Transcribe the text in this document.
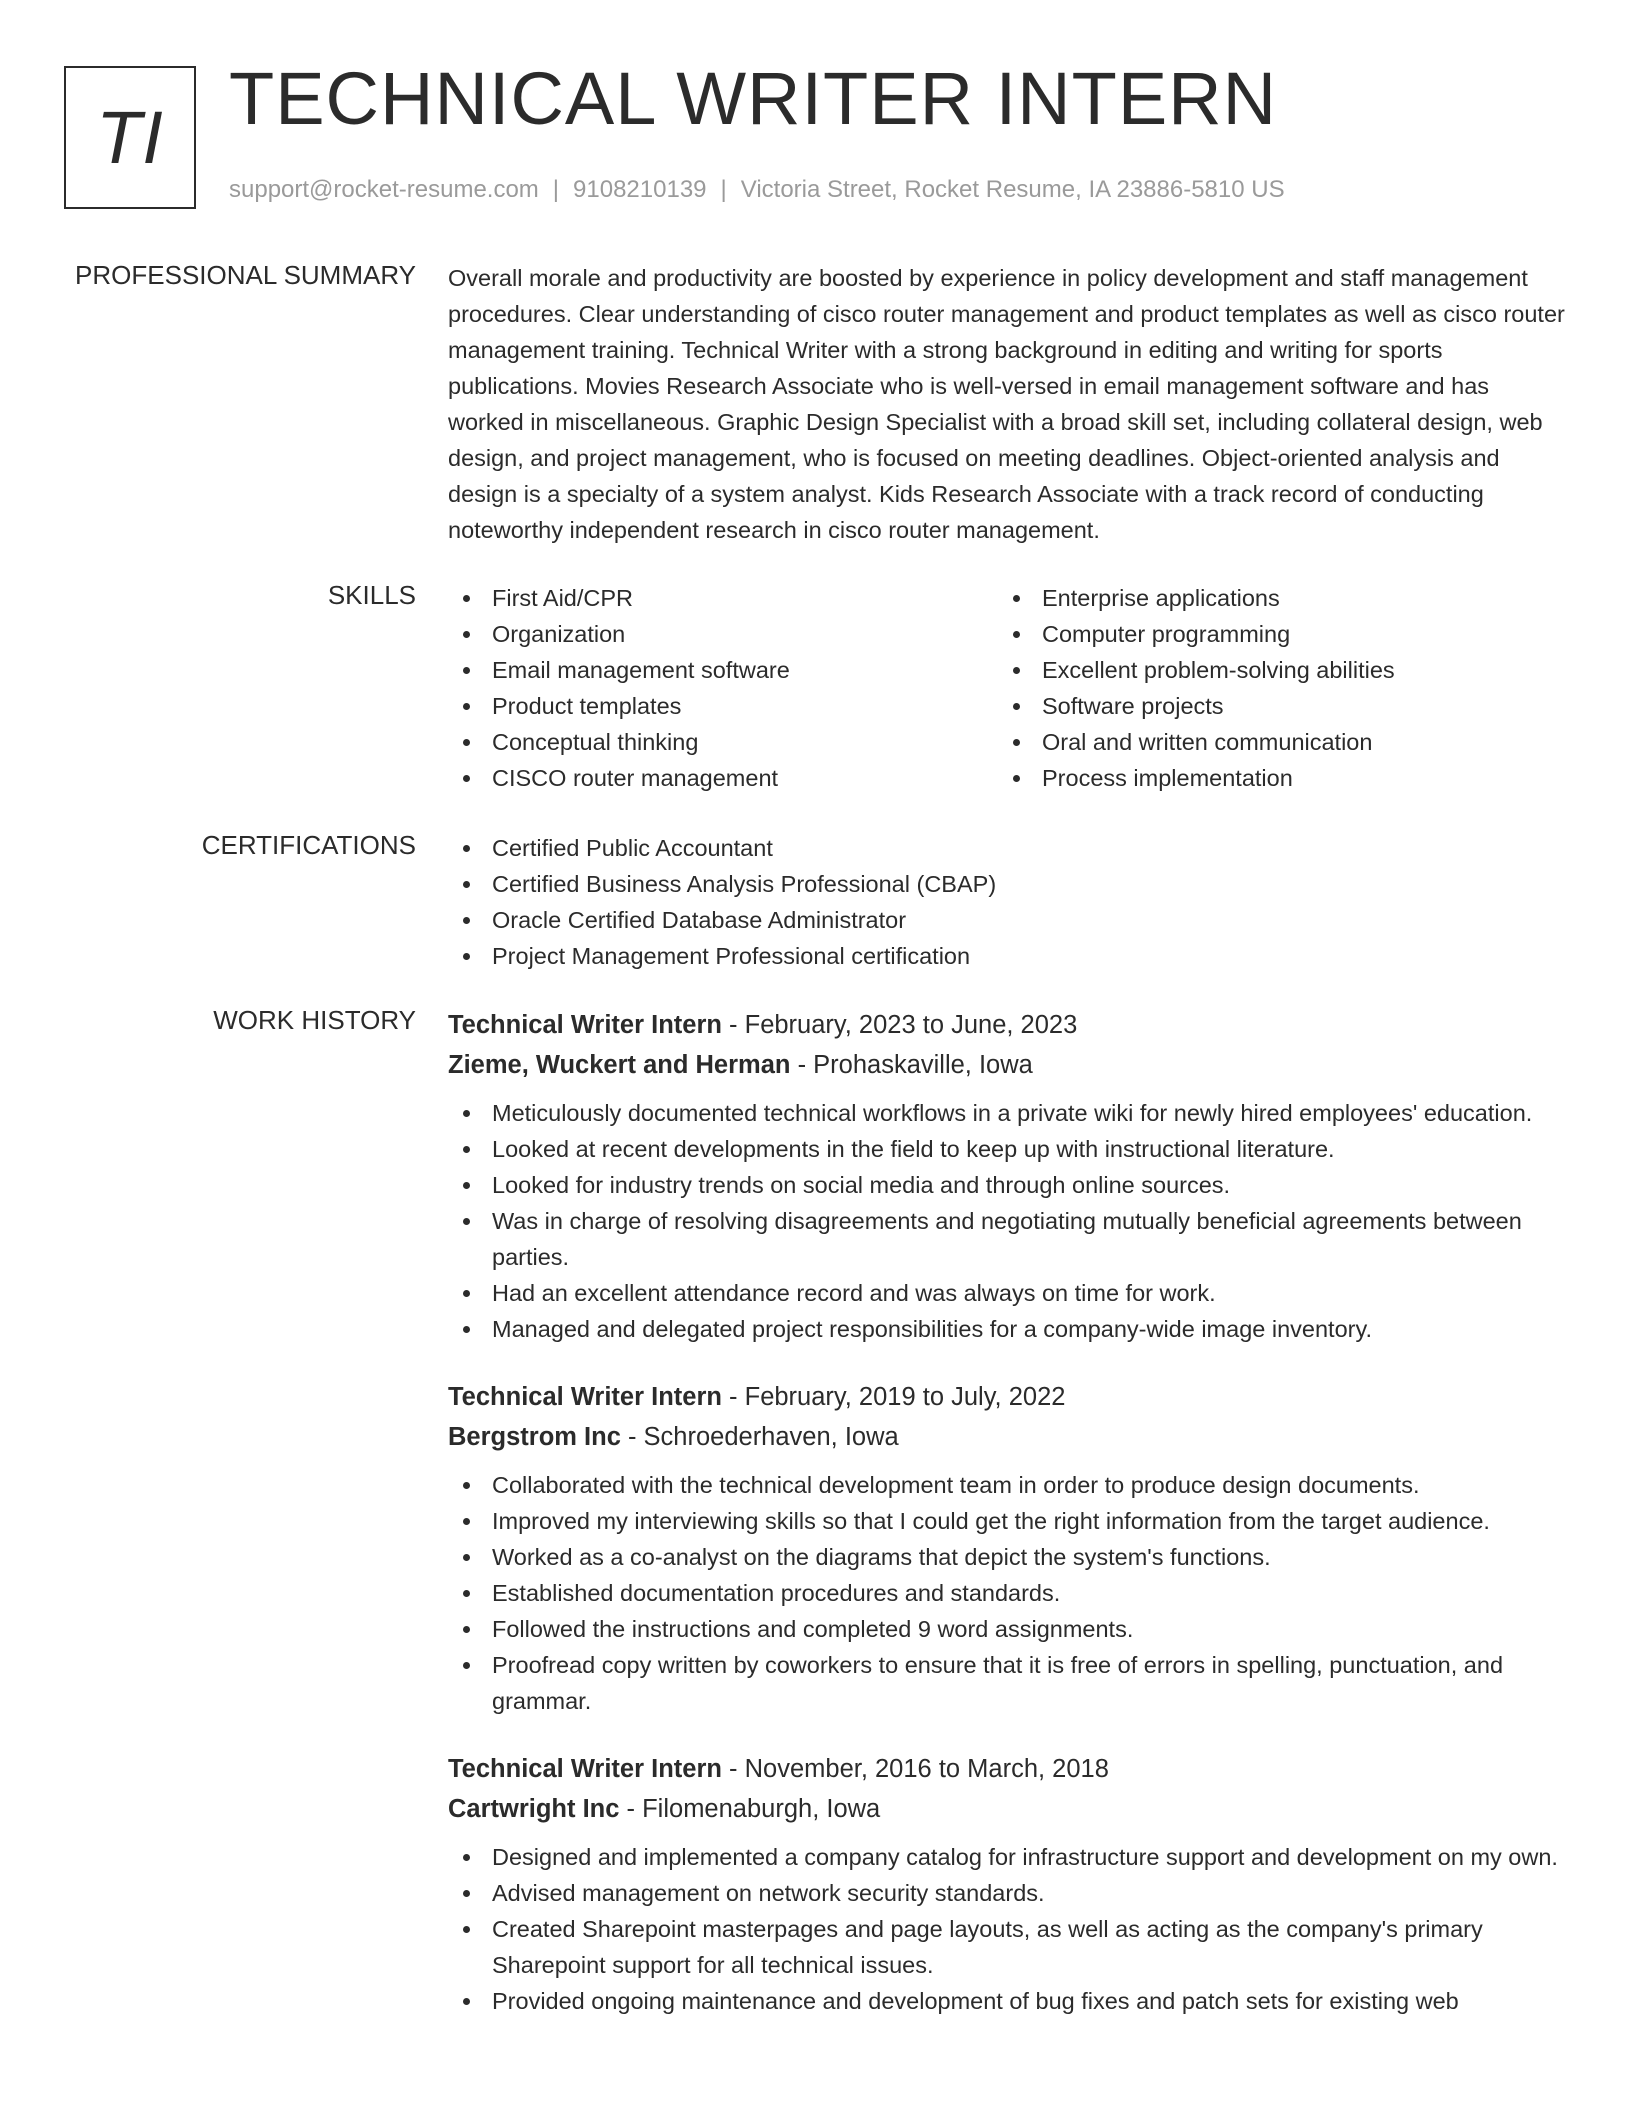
TI TECHNICAL WRITER INTERN
support@rocket-resume.com | 9108210139 | Victoria Street, Rocket Resume, IA 23886-5810 US
PROFESSIONAL SUMMARY Overall morale and productivity are boosted by experience in policy development and staff management procedures. Clear understanding of cisco router management and product templates as well as cisco router management training. Technical Writer with a strong background in editing and writing for sports publications. Movies Research Associate who is well-versed in email management software and has worked in miscellaneous. Graphic Design Specialist with a broad skill set, including collateral design, web design, and project management, who is focused on meeting deadlines. Object-oriented analysis and design is a specialty of a system analyst. Kids Research Associate with a track record of conducting noteworthy independent research in cisco router management.
SKILLS	First Aid/CPR
Organization
Email management software
Product templates
Conceptual thinking
CISCO router management
Enterprise applications
Computer programming
Excellent problem-solving abilities
Software projects
Oral and written communication
Process implementation
CERTIFICATIONS	Certified Public Accountant
Certified Business Analysis Professional (CBAP)
Oracle Certified Database Administrator
Project Management Professional certification
WORK HISTORY Technical Writer Intern - February, 2023 to June, 2023
Zieme, Wuckert and Herman - Prohaskaville, Iowa
Meticulously documented technical workflows in a private wiki for newly hired employees' education.
Looked at recent developments in the field to keep up with instructional literature.
Looked for industry trends on social media and through online sources.
Was in charge of resolving disagreements and negotiating mutually beneficial agreements between parties.
Had an excellent attendance record and was always on time for work.
Managed and delegated project responsibilities for a company-wide image inventory.
Technical Writer Intern - February, 2019 to July, 2022
Bergstrom Inc - Schroederhaven, Iowa
Collaborated with the technical development team in order to produce design documents.
Improved my interviewing skills so that I could get the right information from the target audience.
Worked as a co-analyst on the diagrams that depict the system's functions.
Established documentation procedures and standards.
Followed the instructions and completed 9 word assignments.
Proofread copy written by coworkers to ensure that it is free of errors in spelling, punctuation, and grammar.
Technical Writer Intern - November, 2016 to March, 2018
Cartwright Inc - Filomenaburgh, Iowa
Designed and implemented a company catalog for infrastructure support and development on my own.
Advised management on network security standards.
Created Sharepoint masterpages and page layouts, as well as acting as the company's primary Sharepoint support for all technical issues.
Provided ongoing maintenance and development of bug fixes and patch sets for existing web
